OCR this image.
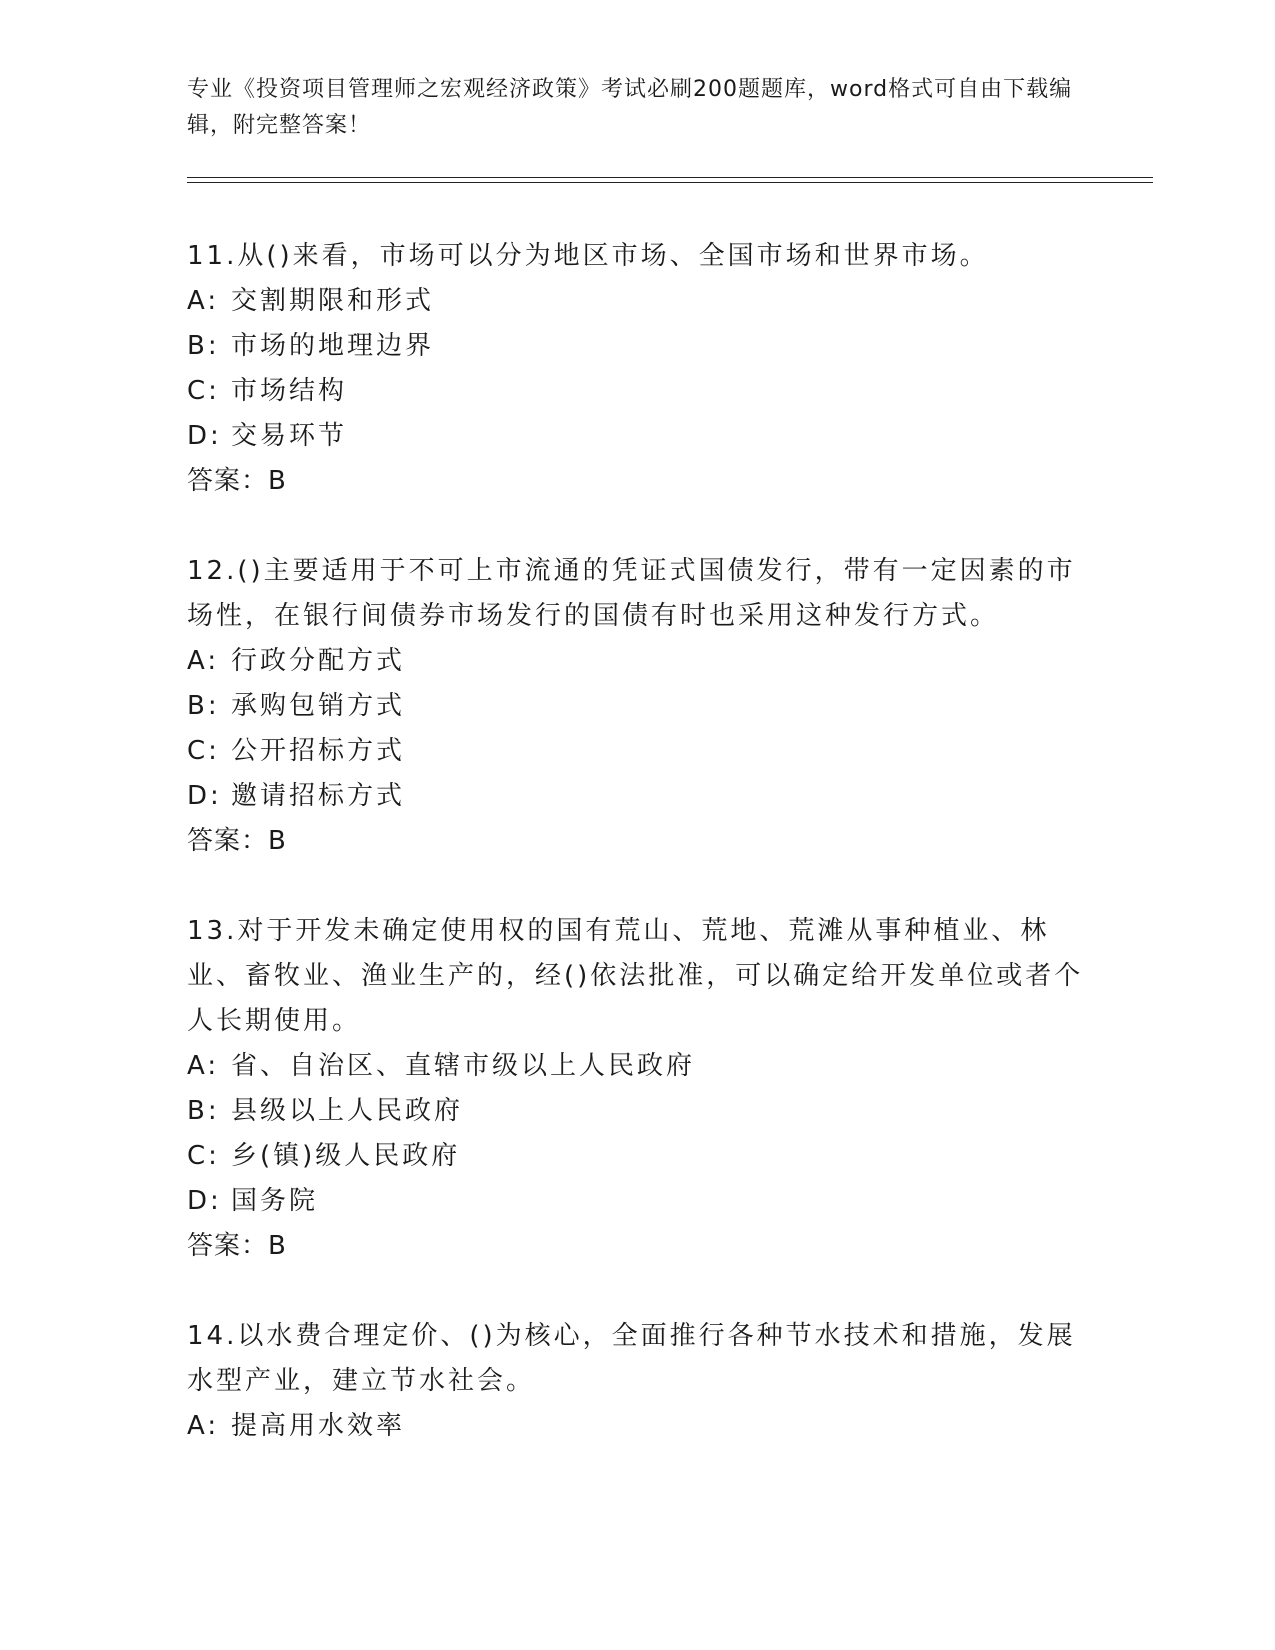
专业《投资项目管理师之宏观经济政策》考试必刷200题题库，word格式可自由下载编辑，附完整答案！
11.从()来看，市场可以分为地区市场、全国市场和世界市场。
A: 交割期限和形式
B: 市场的地理边界
C: 市场结构
D: 交易环节
答案：B
12.()主要适用于不可上市流通的凭证式国债发行，带有一定因素的市场性，在银行间债券市场发行的国债有时也采用这种发行方式。
A: 行政分配方式
B: 承购包销方式
C: 公开招标方式
D: 邀请招标方式
答案：B
13.对于开发未确定使用权的国有荒山、荒地、荒滩从事种植业、林业、畜牧业、渔业生产的，经()依法批准，可以确定给开发单位或者个人长期使用。
A: 省、自治区、直辖市级以上人民政府
B: 县级以上人民政府
C: 乡(镇)级人民政府
D: 国务院
答案：B
14.以水费合理定价、()为核心，全面推行各种节水技术和措施，发展水型产业，建立节水社会。
A: 提高用水效率
